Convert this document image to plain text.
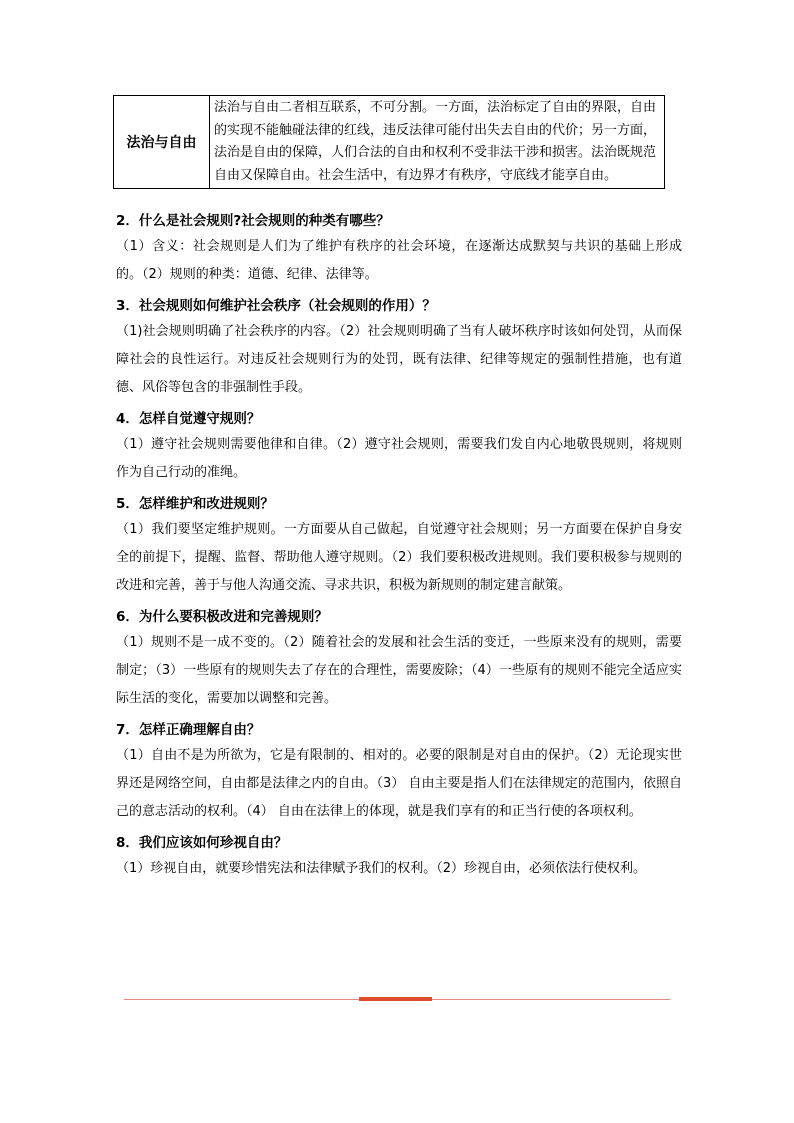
法治与自由	法治与自由二者相互联系，不可分割。一方面，法治标定了自由的界限，自由的实现不能触碰法律的红线，违反法律可能付出失去自由的代价；另一方面，法治是自由的保障，人们合法的自由和权利不受非法干涉和损害。法治既规范自由又保障自由。社会生活中，有边界才有秩序，守底线才能享自由。
2．什么是社会规则?社会规则的种类有哪些？

（1）含义：社会规则是人们为了维护有秩序的社会环境，在逐渐达成默契与共识的基础上形成的。（2）规则的种类：道德、纪律、法律等。

3．社会规则如何维护社会秩序（社会规则的作用）？

（1)社会规则明确了社会秩序的内容。（2）社会规则明确了当有人破坏秩序时该如何处罚，从而保障社会的良性运行。对违反社会规则行为的处罚，既有法律、纪律等规定的强制性措施，也有道德、风俗等包含的非强制性手段。

4．怎样自觉遵守规则？

（1）遵守社会规则需要他律和自律。（2）遵守社会规则，需要我们发自内心地敬畏规则，将规则作为自己行动的准绳。

5．怎样维护和改进规则？

（1）我们要坚定维护规则。一方面要从自己做起，自觉遵守社会规则；另一方面要在保护自身安全的前提下，提醒、监督、帮助他人遵守规则。（2）我们要积极改进规则。我们要积极参与规则的改进和完善，善于与他人沟通交流、寻求共识，积极为新规则的制定建言献策。

6．为什么要积极改进和完善规则？

（1）规则不是一成不变的。（2）随着社会的发展和社会生活的变迁，一些原来没有的规则，需要制定；（3）一些原有的规则失去了存在的合理性，需要废除；（4）一些原有的规则不能完全适应实际生活的变化，需要加以调整和完善。

7．怎样正确理解自由？

（1）自由不是为所欲为，它是有限制的、相对的。必要的限制是对自由的保护。（2）无论现实世界还是网络空间，自由都是法律之内的自由。（3） 自由主要是指人们在法律规定的范围内，依照自己的意志活动的权利。（4） 自由在法律上的体现，就是我们享有的和正当行使的各项权利。

8．我们应该如何珍视自由？

（1）珍视自由，就要珍惜宪法和法律赋予我们的权利。（2）珍视自由，必须依法行使权利。
